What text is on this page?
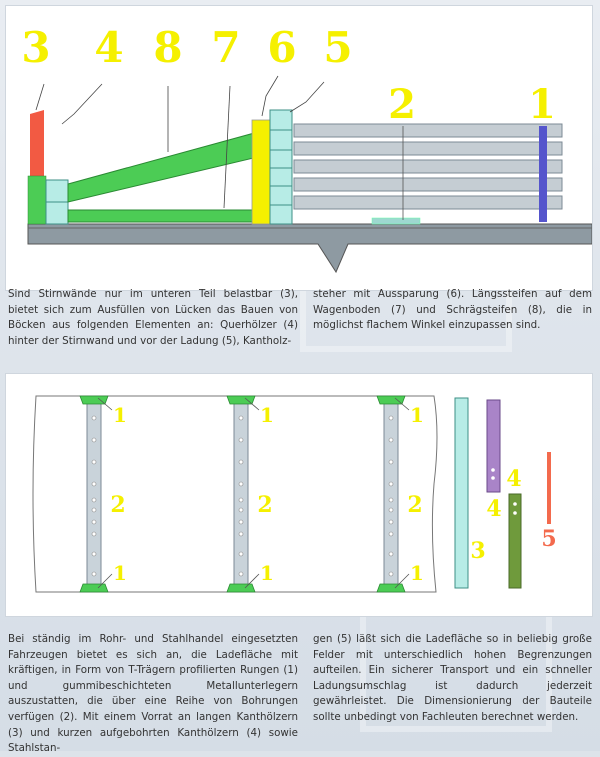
3 4 8 7 6 5
2	1

Sind Stirnwände nur im unteren Teil belastbar (3), bietet sich zum Ausfüllen von Lücken das Bauen von Böcken aus folgenden Elementen an: Querhölzer (4) hinter der Stirnwand und vor der Ladung (5), Kantholz-

steher mit Aussparung (6). Längssteifen auf dem Wagenboden (7) und Schrägsteifen (8), die in möglichst flachem Winkel einzupassen sind.

1
1
2
1
1
2
1
1
2
3
4
4
5

Bei ständig im Rohr- und Stahlhandel eingesetzten Fahrzeugen bietet es sich an, die Ladefläche mit kräftigen, in Form von T-Trägern profilierten Rungen (1) und gummibeschichteten Metallunterlegern auszustatten, die über eine Reihe von Bohrungen verfügen (2). Mit einem Vorrat an langen Kanthölzern (3) und kurzen aufgebohrten Kanthölzern (4) sowie Stahlstan-

gen (5) läßt sich die Ladefläche so in beliebig große Felder mit unterschiedlich hohen Begrenzungen aufteilen. Ein sicherer Transport und ein schneller Ladungsumschlag ist dadurch jederzeit gewährleistet. Die Dimensionierung der Bauteile sollte unbedingt von Fachleuten berechnet werden.
